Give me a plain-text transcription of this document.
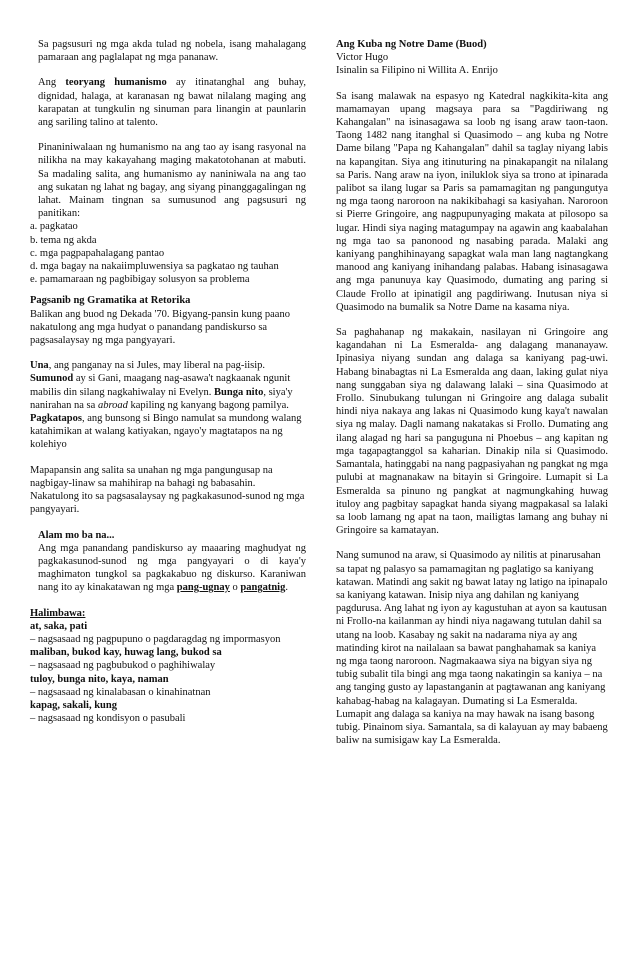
Sa pagsusuri ng mga akda tulad ng nobela, isang mahalagang pamaraan ang paglalapat ng mga pananaw.

Ang teoryang humanismo ay itinatanghal ang buhay, dignidad, halaga, at karanasan ng bawat nilalang maging ang karapatan at tungkulin ng sinuman para linangin at paunlarin ang sariling talino at talento.

Pinaniniwalaan ng humanismo na ang tao ay isang rasyonal na nilikha na may kakayahang maging makatotohanan at mabuti. Sa madaling salita, ang humanismo ay naniniwala na ang tao ang sukatan ng lahat ng bagay, ang siyang pinanggagalingan ng lahat. Mainam tingnan sa sumusunod ang pagsusuri ng panitikan:

a. pagkatao

b. tema ng akda

c. mga pagpapahalagang pantao

d. mga bagay na nakaiimpluwensiya sa pagkatao ng tauhan

e. pamamaraan ng pagbibigay solusyon sa problema

Pagsanib ng Gramatika at Retorika

Balikan ang buod ng Dekada '70. Bigyang-pansin kung paano nakatulong ang mga hudyat o panandang pandiskurso sa pagsasalaysay ng mga pangyayari.

Una, ang panganay na si Jules, may liberal na pag-iisip. Sumunod ay si Gani, maagang nag-asawa't nagkaanak ngunit mabilis din silang nagkahiwalay ni Evelyn. Bunga nito, siya'y nanirahan na sa abroad kapiling ng kanyang bagong pamilya. Pagkatapos, ang bunsong si Bingo namulat sa mundong walang katahimikan at walang katiyakan, ngayo'y magtatapos na ng kolehiyo

Mapapansin ang salita sa unahan ng mga pangungusap na nagbigay-linaw sa mahihirap na bahagi ng babasahin. Nakatulong ito sa pagsasalaysay ng pagkakasunod-sunod ng mga pangyayari.

Alam mo ba na...

Ang mga panandang pandiskurso ay maaaring maghudyat ng pagkakasunod-sunod ng mga pangyayari o di kaya'y maghimaton tungkol sa pagkakabuo ng diskurso. Karaniwan nang ito ay kinakatawan ng mga pang-ugnay o pangatnig.

Halimbawa:

at, saka, pati

– nagsasaad ng pagpupuno o pagdaragdag ng impormasyon

maliban, bukod kay, huwag lang, bukod sa

– nagsasaad ng pagbubukod o paghihiwalay

tuloy, bunga nito, kaya, naman

– nagsasaad ng kinalabasan o kinahinatnan

kapag, sakali, kung

– nagsasaad ng kondisyon o pasubali

Ang Kuba ng Notre Dame (Buod)

Victor Hugo

Isinalin sa Filipino ni Willita A. Enrijo

Sa isang malawak na espasyo ng Katedral nagkikita-kita ang mamamayan upang magsaya para sa "Pagdiriwang ng Kahangalan" na isinasagawa sa loob ng isang araw taon-taon. Taong 1482 nang itanghal si Quasimodo – ang kuba ng Notre Dame bilang "Papa ng Kahangalan" dahil sa taglay niyang labis na kapangitan. Siya ang itinuturing na pinakapangit na nilalang sa Paris. Nang araw na iyon, iniluklok siya sa trono at ipinarada palibot sa ilang lugar sa Paris sa pamamagitan ng pangungutya ng mga taong naroroon na nakikibahagi sa kasiyahan. Naroroon si Pierre Gringoire, ang nagpupunyaging makata at pilosopo sa lugar. Hindi siya naging matagumpay na agawin ang kaabalahan ng mga tao sa panonood ng nasabing parada. Malaki ang kaniyang panghihinayang sapagkat wala man lang nagtangkang manood ang kaniyang inihandang palabas. Habang isinasagawa ang mga panunuya kay Quasimodo, dumating ang paring si Claude Frollo at ipinatigil ang pagdiriwang. Inutusan niya si Quasimodo na bumalik sa Notre Dame na kasama niya.

Sa paghahanap ng makakain, nasilayan ni Gringoire ang kagandahan ni La Esmeralda- ang dalagang mananayaw. Ipinasiya niyang sundan ang dalaga sa kaniyang pag-uwi. Habang binabagtas ni La Esmeralda ang daan, laking gulat niya nang sunggaban siya ng dalawang lalaki – sina Quasimodo at Frollo. Sinubukang tulungan ni Gringoire ang dalaga subalit hindi niya nakaya ang lakas ni Quasimodo kung kaya't nawalan siya ng malay. Dagli namang nakatakas si Frollo. Dumating ang ilang alagad ng hari sa panguguna ni Phoebus – ang kapitan ng mga tagapagtanggol sa kaharian. Dinakip nila si Quasimodo. Samantala, hatinggabi na nang pagpasiyahan ng pangkat ng mga pulubi at magnanakaw na bitayin si Gringoire. Lumapit si La Esmeralda sa pinuno ng pangkat at nagmungkahing huwag ituloy ang pagbitay sapagkat handa siyang magpakasal sa lalaki sa loob lamang ng apat na taon, mailigtas lamang ang buhay ni Gringoire sa kamatayan.

Nang sumunod na araw, si Quasimodo ay nilitis at pinarusahan sa tapat ng palasyo sa pamamagitan ng paglatigo sa kaniyang katawan. Matindi ang sakit ng bawat latay ng latigo na ipinapalo sa kaniyang katawan. Inisip niya ang dahilan ng kaniyang pagdurusa. Ang lahat ng iyon ay kagustuhan at ayon sa kautusan ni Frollo-na kailanman ay hindi niya nagawang tutulan dahil sa utang na loob. Kasabay ng sakit na nadarama niya ay ang matinding kirot na nailalaan sa bawat panghahamak sa kaniya ng mga taong naroroon. Nagmakaawa siya na bigyan siya ng tubig subalit tila bingi ang mga taong nakatingin sa kaniya – na ang tanging gusto ay lapastanganin at pagtawanan ang kaniyang kahabag-habag na kalagayan. Dumating si La Esmeralda. Lumapit ang dalaga sa kaniya na may hawak na isang basong tubig. Pinainom siya. Samantala, sa di kalayuan ay may babaeng baliw na sumisigaw kay La Esmeralda.
